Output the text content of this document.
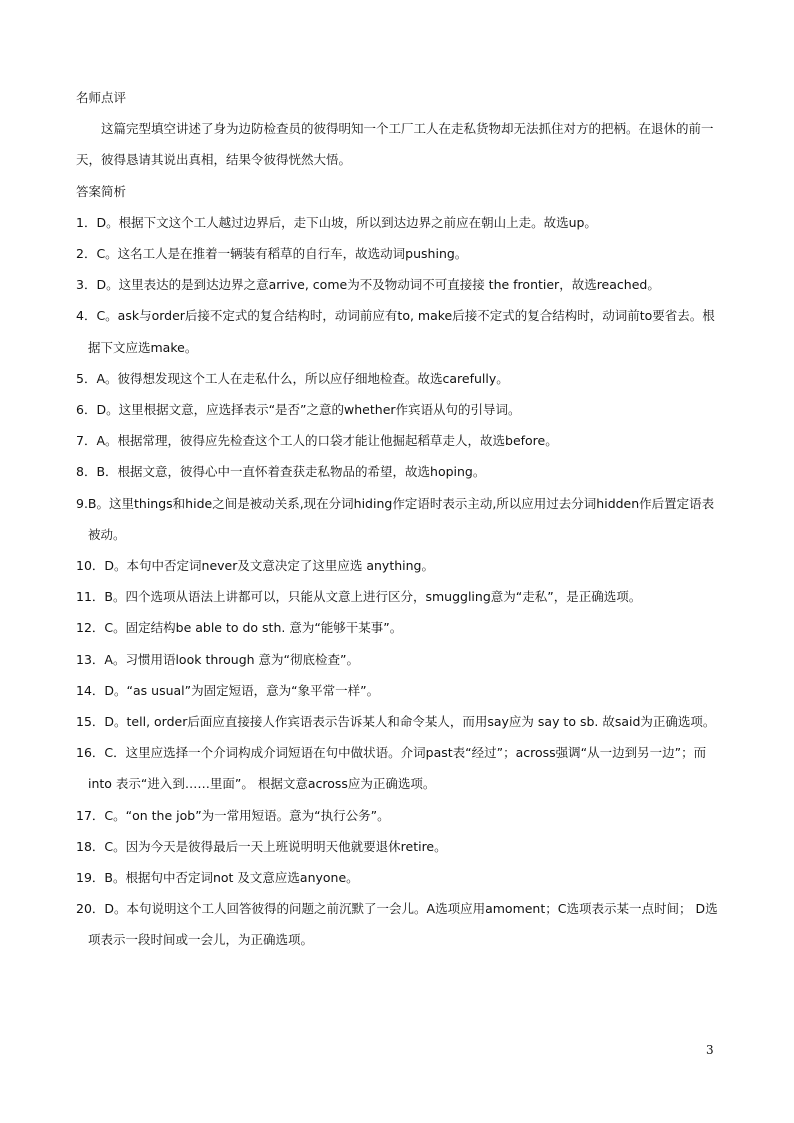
名师点评

这篇完型填空讲述了身为边防检查员的彼得明知一个工厂工人在走私货物却无法抓住对方的把柄。在退休的前一天，彼得恳请其说出真相，结果令彼得恍然大悟。

答案简析
1．D。根据下文这个工人越过边界后，走下山坡，所以到达边界之前应在朝山上走。故选up。
2．C。这名工人是在推着一辆装有稻草的自行车，故选动词pushing。
3．D。这里表达的是到达边界之意arrive, come为不及物动词不可直接接 the frontier，故选reached。
4．C。ask与order后接不定式的复合结构时，动词前应有to, make后接不定式的复合结构时，动词前to要省去。根据下文应选make。
5．A。彼得想发现这个工人在走私什么，所以应仔细地检查。故选carefully。
6．D。这里根据文意，应选择表示“是否”之意的whether作宾语从句的引导词。
7．A。根据常理，彼得应先检查这个工人的口袋才能让他掘起稻草走人，故选before。
8．B．根据文意，彼得心中一直怀着查获走私物品的希望，故选hoping。
9.B。这里things和hide之间是被动关系,现在分词hiding作定语时表示主动,所以应用过去分词hidden作后置定语表被动。
10．D。本句中否定词never及文意决定了这里应选 anything。
11．B。四个选项从语法上讲都可以，只能从文意上进行区分，smuggling意为“走私”，是正确选项。
12．C。固定结构be able to do sth. 意为“能够干某事”。
13．A。习惯用语look through 意为“彻底检查”。
14．D。“as usual”为固定短语，意为“象平常一样”。
15．D。tell, order后面应直接接人作宾语表示告诉某人和命令某人，而用say应为 say to sb. 故said为正确选项。
16．C．这里应选择一个介词构成介词短语在句中做状语。介词past表“经过”；across强调“从一边到另一边”；而into 表示“进入到……里面”。 根据文意across应为正确选项。
17．C。“on the job”为一常用短语。意为“执行公务”。
18．C。因为今天是彼得最后一天上班说明明天他就要退休retire。
19．B。根据句中否定词not 及文意应选anyone。
20．D。本句说明这个工人回答彼得的问题之前沉默了一会儿。A选项应用amoment；C选项表示某一点时间； D选项表示一段时间或一会儿，为正确选项。
3
